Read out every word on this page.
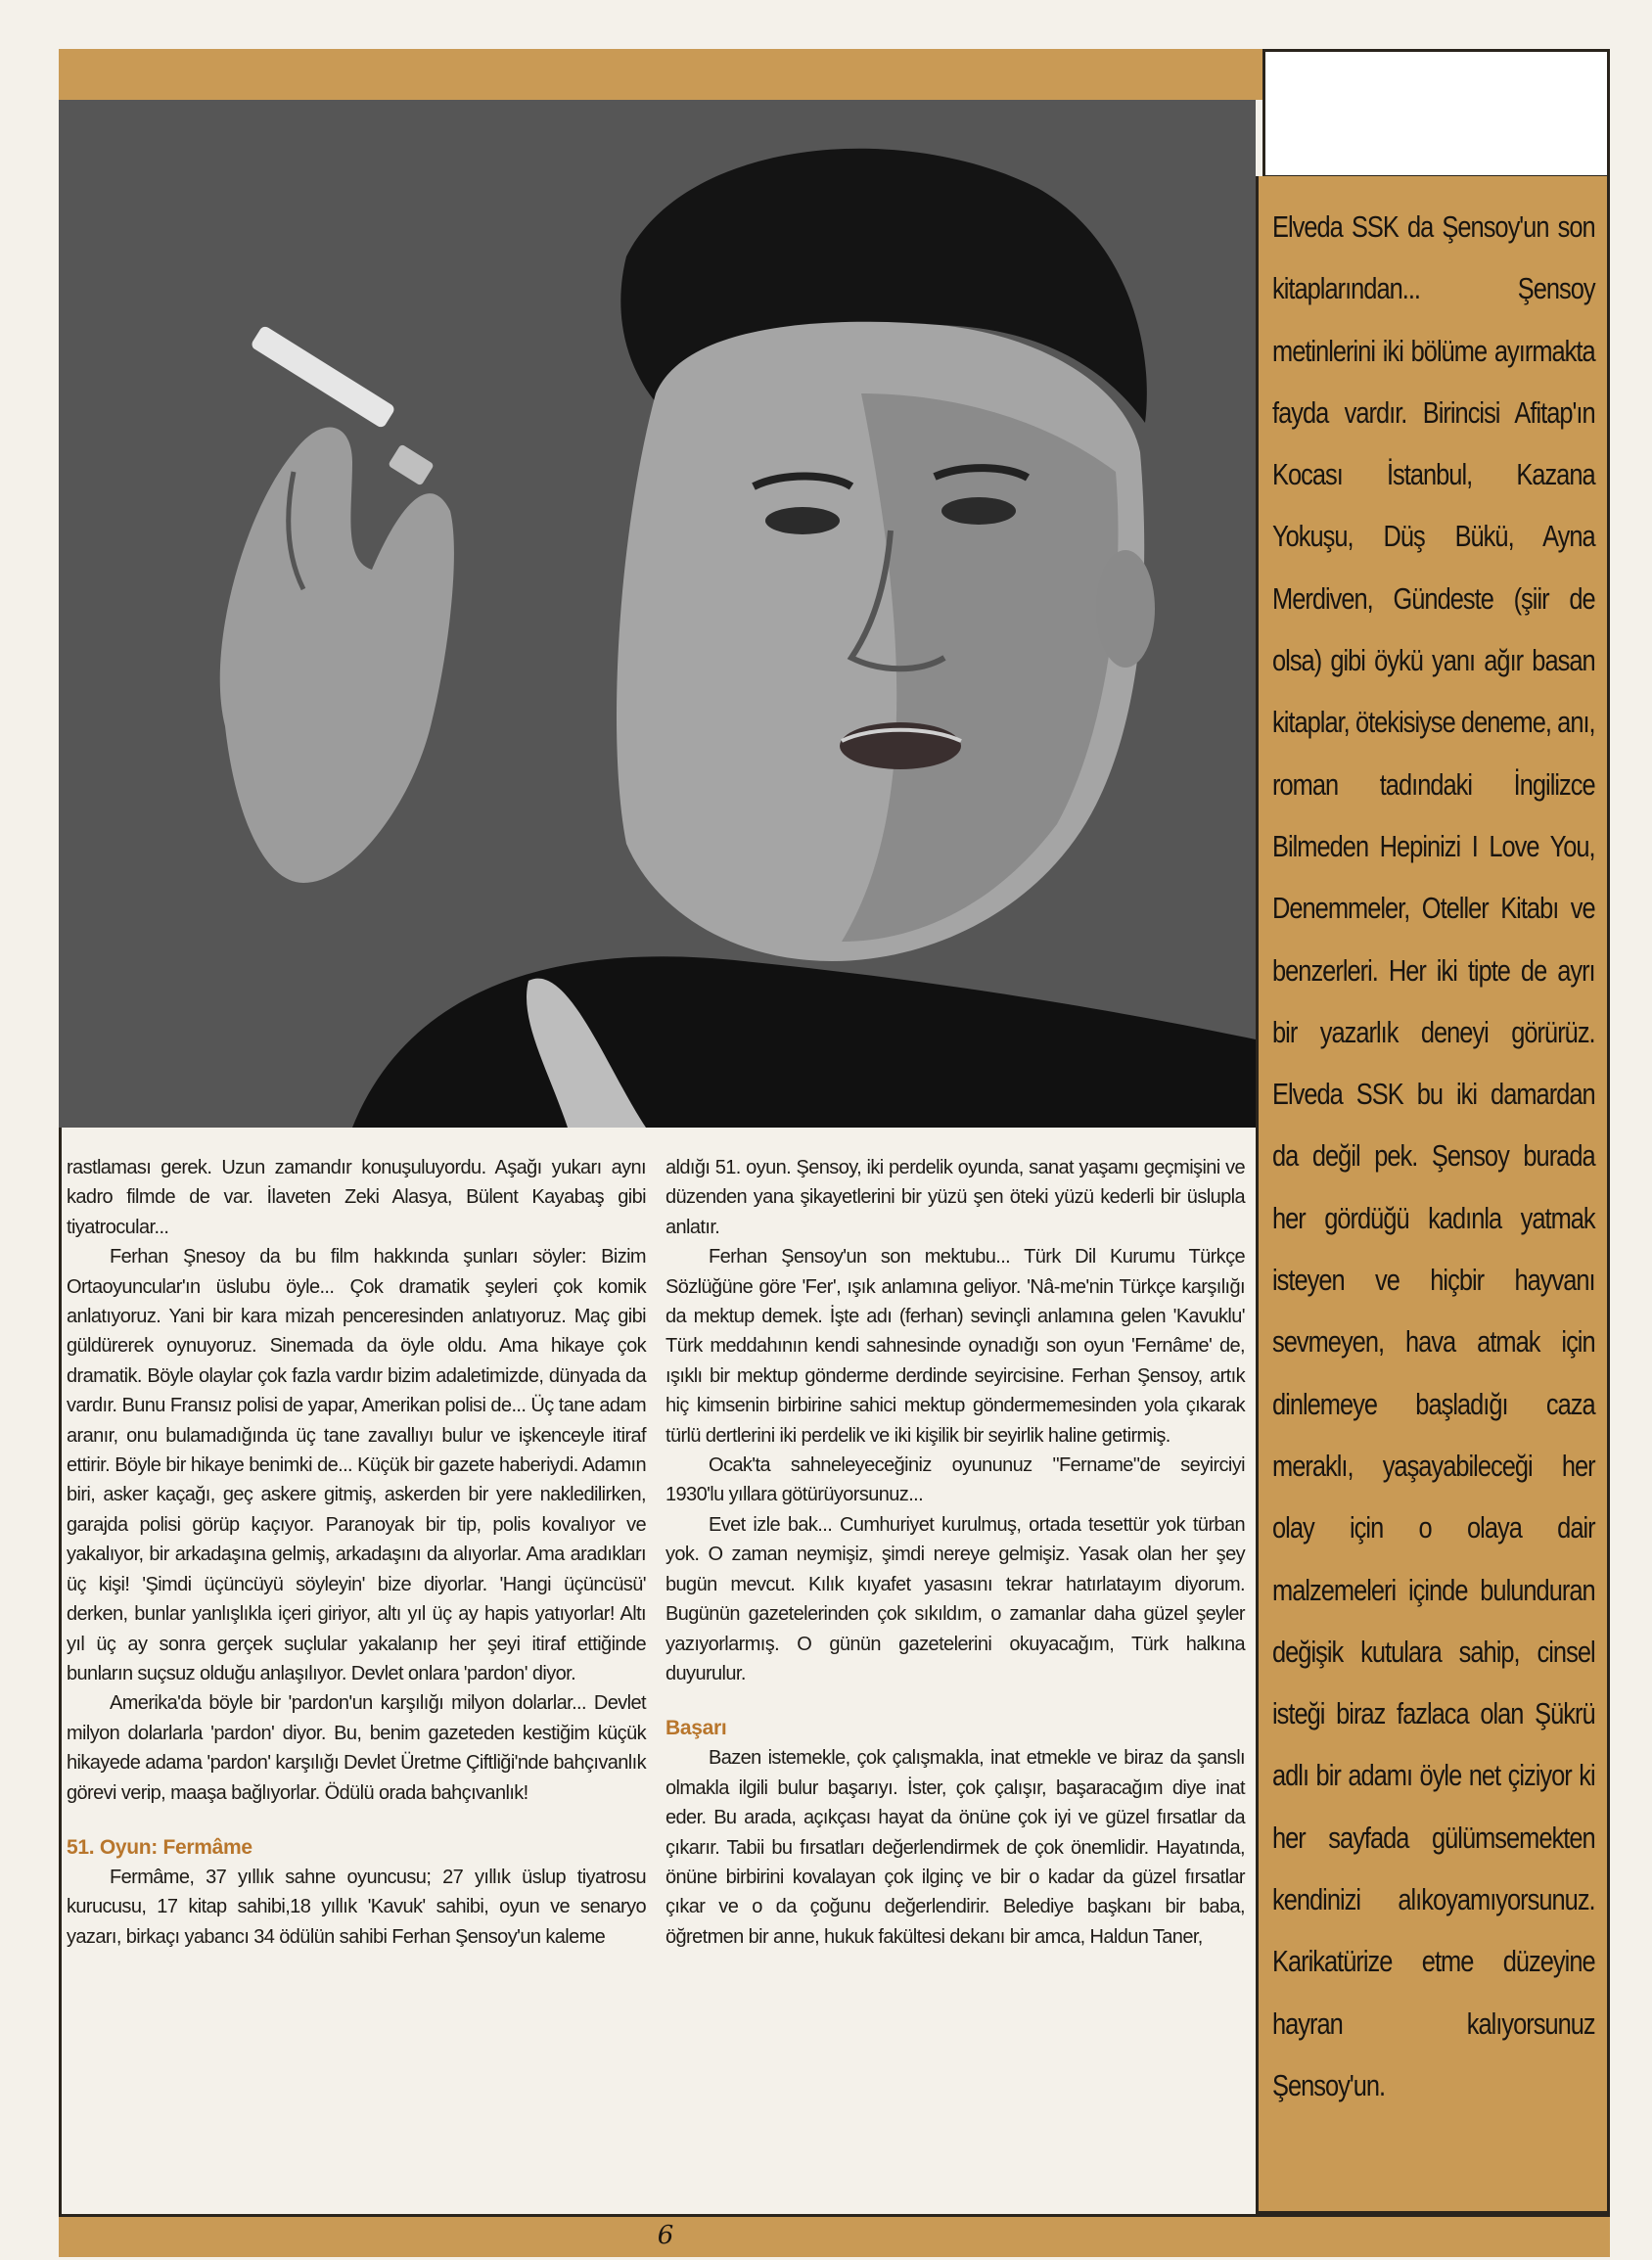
Elveda SSK da Şensoy'un son kitaplarından... Şensoy metinlerini iki bölüme ayırmakta fayda vardır. Birincisi Afitap'ın Kocası İstanbul, Kazana Yokuşu, Düş Bükü, Ayna Merdiven, Gündeste (şiir de olsa) gibi öykü yanı ağır basan kitaplar, ötekisiyse deneme, anı, roman tadındaki İngilizce Bilmeden Hepinizi I Love You, Denemmeler, Oteller Kitabı ve benzerleri. Her iki tipte de ayrı bir yazarlık deneyi görürüz. Elveda SSK bu iki damardan da değil pek. Şensoy burada her gördüğü kadınla yatmak isteyen ve hiçbir hayvanı sevmeyen, hava atmak için dinlemeye başladığı caza meraklı, yaşayabileceği her olay için o olaya dair malzemeleri içinde bulunduran değişik kutulara sahip, cinsel isteği biraz fazlaca olan Şükrü adlı bir adamı öyle net çiziyor ki her sayfada gülümsemekten kendinizi alıkoyamıyorsunuz. Karikatürize etme düzeyine hayran kalıyorsunuz Şensoy'un.

rastlaması gerek. Uzun zamandır konuşuluyordu. Aşağı yukarı aynı kadro filmde de var. İlaveten Zeki Alasya, Bülent Kayabaş gibi tiyatrocular...

Ferhan Şnesoy da bu film hakkında şunları söyler: Bizim Ortaoyuncular'ın üslubu öyle... Çok dramatik şeyleri çok komik anlatıyoruz. Yani bir kara mizah penceresinden anlatıyoruz. Maç gibi güldürerek oynuyoruz. Sinemada da öyle oldu. Ama hikaye çok dramatik. Böyle olaylar çok fazla vardır bizim adaletimizde, dünyada da vardır. Bunu Fransız polisi de yapar, Amerikan polisi de... Üç tane adam aranır, onu bulamadığında üç tane zavallıyı bulur ve işkenceyle itiraf ettirir. Böyle bir hikaye benimki de... Küçük bir gazete haberiydi. Adamın biri, asker kaçağı, geç askere gitmiş, askerden bir yere nakledilirken, garajda polisi görüp kaçıyor. Paranoyak bir tip, polis kovalıyor ve yakalıyor, bir arkadaşına gelmiş, arkadaşını da alıyorlar. Ama aradıkları üç kişi! 'Şimdi üçüncüyü söyleyin' bize diyorlar. 'Hangi üçüncüsü' derken, bunlar yanlışlıkla içeri giriyor, altı yıl üç ay hapis yatıyorlar! Altı yıl üç ay sonra gerçek suçlular yakalanıp her şeyi itiraf ettiğinde bunların suçsuz olduğu anlaşılıyor. Devlet onlara 'pardon' diyor.

Amerika'da böyle bir 'pardon'un karşılığı milyon dolarlar... Devlet milyon dolarlarla 'pardon' diyor. Bu, benim gazeteden kestiğim küçük hikayede adama 'pardon' karşılığı Devlet Üretme Çiftliği'nde bahçıvanlık görevi verip, maaşa bağlıyorlar. Ödülü orada bahçıvanlık!

51. Oyun: Fermâme

Fermâme, 37 yıllık sahne oyuncusu; 27 yıllık üslup tiyatrosu kurucusu, 17 kitap sahibi,18 yıllık 'Kavuk' sahibi, oyun ve senaryo yazarı, birkaçı yabancı 34 ödülün sahibi Ferhan Şensoy'un kaleme

aldığı 51. oyun. Şensoy, iki perdelik oyunda, sanat yaşamı geçmişini ve düzenden yana şikayetlerini bir yüzü şen öteki yüzü kederli bir üslupla anlatır.

Ferhan Şensoy'un son mektubu... Türk Dil Kurumu Türkçe Sözlüğüne göre 'Fer', ışık anlamına geliyor. 'Nâ-me'nin Türkçe karşılığı da mektup demek. İşte adı (ferhan) sevinçli anlamına gelen 'Kavuklu' Türk meddahının kendi sahnesinde oynadığı son oyun 'Fernâme' de, ışıklı bir mektup gönderme derdinde seyircisine. Ferhan Şensoy, artık hiç kimsenin birbirine sahici mektup göndermemesinden yola çıkarak türlü dertlerini iki perdelik ve iki kişilik bir seyirlik haline getirmiş.

Ocak'ta sahneleyeceğiniz oyununuz "Fername"de seyirciyi 1930'lu yıllara götürüyorsunuz...

Evet izle bak... Cumhuriyet kurulmuş, ortada tesettür yok türban yok. O zaman neymişiz, şimdi nereye gelmişiz. Yasak olan her şey bugün mevcut. Kılık kıyafet yasasını tekrar hatırlatayım diyorum. Bugünün gazetelerinden çok sıkıldım, o zamanlar daha güzel şeyler yazıyorlarmış. O günün gazetelerini okuyacağım, Türk halkına duyurulur.

Başarı

Bazen istemekle, çok çalışmakla, inat etmekle ve biraz da şanslı olmakla ilgili bulur başarıyı. İster, çok çalışır, başaracağım diye inat eder. Bu arada, açıkçası hayat da önüne çok iyi ve güzel fırsatlar da çıkarır. Tabii bu fırsatları değerlendirmek de çok önemlidir. Hayatında, önüne birbirini kovalayan çok ilginç ve bir o kadar da güzel fırsatlar çıkar ve o da çoğunu değerlendirir. Belediye başkanı bir baba, öğretmen bir anne, hukuk fakültesi dekanı bir amca, Haldun Taner,

6
